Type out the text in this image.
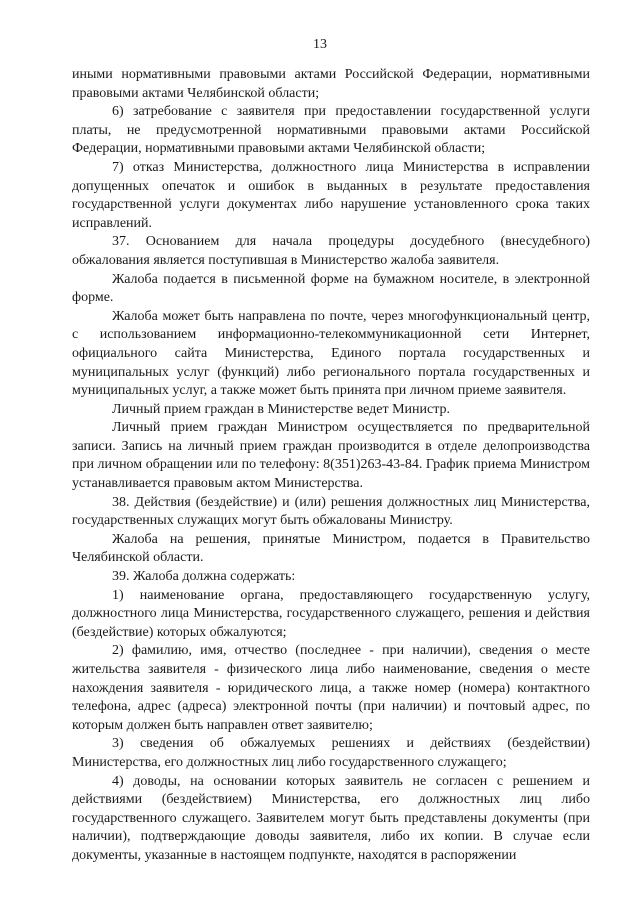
13

иными нормативными правовыми актами Российской Федерации, нормативными правовыми актами Челябинской области;

6) затребование с заявителя при предоставлении государственной услуги платы, не предусмотренной нормативными правовыми актами Российской Федерации, нормативными правовыми актами Челябинской области;

7) отказ Министерства, должностного лица Министерства в исправлении допущенных опечаток и ошибок в выданных в результате предоставления государственной услуги документах либо нарушение установленного срока таких исправлений.

37. Основанием для начала процедуры досудебного (внесудебного) обжалования является поступившая в Министерство жалоба заявителя.

Жалоба подается в письменной форме на бумажном носителе, в электронной форме.

Жалоба может быть направлена по почте, через многофункциональный центр, с использованием информационно-телекоммуникационной сети Интернет, официального сайта Министерства, Единого портала государственных и муниципальных услуг (функций) либо регионального портала государственных и муниципальных услуг, а также может быть принята при личном приеме заявителя.

Личный прием граждан в Министерстве ведет Министр.

Личный прием граждан Министром осуществляется по предварительной записи. Запись на личный прием граждан производится в отделе делопроизводства при личном обращении или по телефону: 8(351)263-43-84. График приема Министром устанавливается правовым актом Министерства.

38. Действия (бездействие) и (или) решения должностных лиц Министерства, государственных служащих могут быть обжалованы Министру.

Жалоба на решения, принятые Министром, подается в Правительство Челябинской области.

39. Жалоба должна содержать:

1) наименование органа, предоставляющего государственную услугу, должностного лица Министерства, государственного служащего, решения и действия (бездействие) которых обжалуются;

2) фамилию, имя, отчество (последнее - при наличии), сведения о месте жительства заявителя - физического лица либо наименование, сведения о месте нахождения заявителя - юридического лица, а также номер (номера) контактного телефона, адрес (адреса) электронной почты (при наличии) и почтовый адрес, по которым должен быть направлен ответ заявителю;

3) сведения об обжалуемых решениях и действиях (бездействии) Министерства, его должностных лиц либо государственного служащего;

4) доводы, на основании которых заявитель не согласен с решением и действиями (бездействием) Министерства, его должностных лиц либо государственного служащего. Заявителем могут быть представлены документы (при наличии), подтверждающие доводы заявителя, либо их копии. В случае если документы, указанные в настоящем подпункте, находятся в распоряжении
